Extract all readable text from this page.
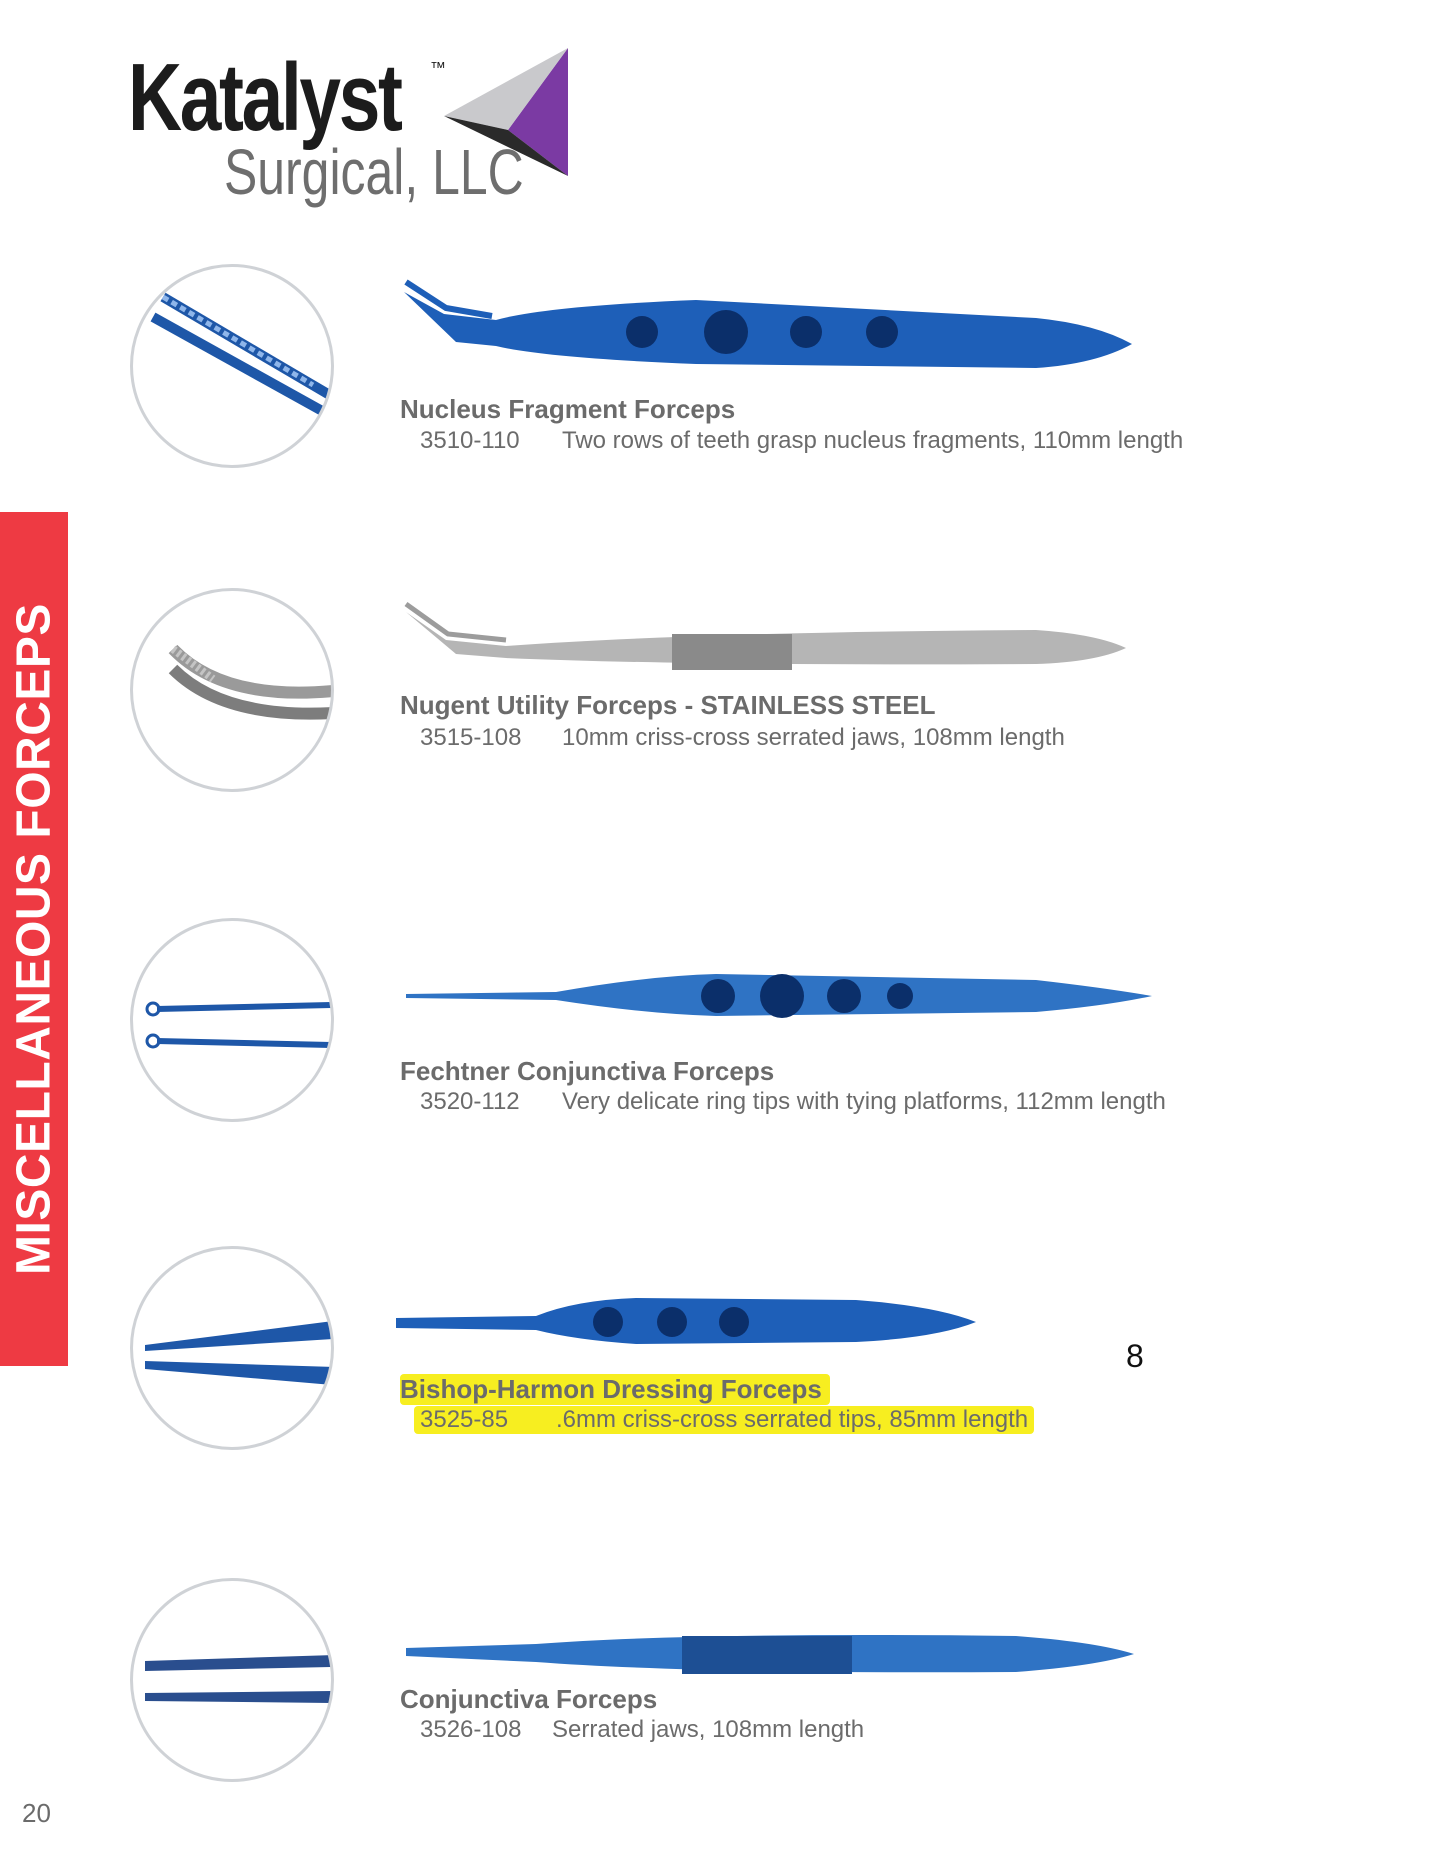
Katalyst ™
Surgical, LLC
MISCELLANEOUS FORCEPS
Nucleus Fragment Forceps
3510-110 Two rows of teeth grasp nucleus fragments, 110mm length
Nugent Utility Forceps - STAINLESS STEEL
3515-108 10mm criss-cross serrated jaws, 108mm length
Fechtner Conjunctiva Forceps
3520-112 Very delicate ring tips with tying platforms, 112mm length
Bishop-Harmon Dressing Forceps
3525-85 .6mm criss-cross serrated tips, 85mm length
Conjunctiva Forceps
3526-108 Serrated jaws, 108mm length
8
20
